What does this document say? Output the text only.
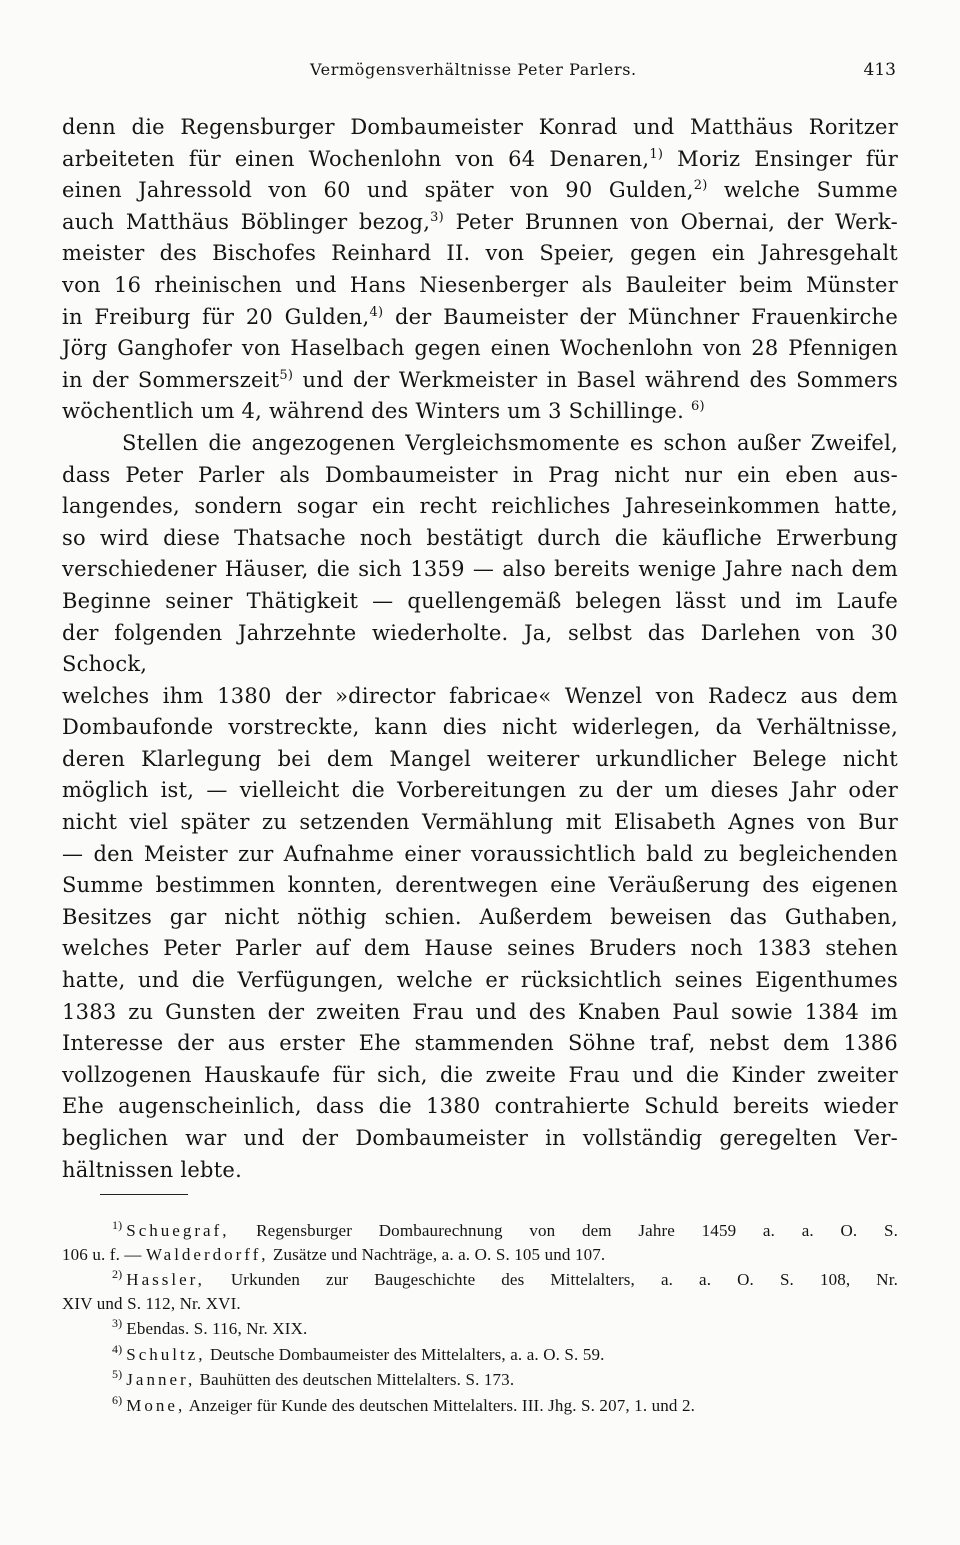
Vermögensverhältnisse Peter Parlers.	413

denn die Regensburger Dombaumeister Konrad und Matthäus Roritzer
arbeiteten für einen Wochenlohn von 64 Denaren,$^{1)}$ Moriz Ensinger für
einen Jahressold von 60 und später von 90 Gulden,$^{2)}$ welche Summe
auch Matthäus Böblinger bezog,$^{3)}$ Peter Brunnen von Obernai, der Werk-
meister des Bischofes Reinhard II. von Speier, gegen ein Jahresgehalt
von 16 rheinischen und Hans Niesenberger als Bauleiter beim Münster
in Freiburg für 20 Gulden,$^{4)}$ der Baumeister der Münchner Frauenkirche
Jörg Ganghofer von Haselbach gegen einen Wochenlohn von 28 Pfennigen
in der Sommerszeit$^{5)}$ und der Werkmeister in Basel während des Sommers
wöchentlich um 4, während des Winters um 3 Schillinge. $^{6)}$

Stellen die angezogenen Vergleichsmomente es schon außer Zweifel,
dass Peter Parler als Dombaumeister in Prag nicht nur ein eben aus-
langendes, sondern sogar ein recht reichliches Jahreseinkommen hatte,
so wird diese Thatsache noch bestätigt durch die käufliche Erwerbung
verschiedener Häuser, die sich 1359 — also bereits wenige Jahre nach dem
Beginne seiner Thätigkeit — quellengemäß belegen lässt und im Laufe
der folgenden Jahrzehnte wiederholte. Ja, selbst das Darlehen von 30 Schock,
welches ihm 1380 der »director fabricae« Wenzel von Radecz aus dem
Dombaufonde vorstreckte, kann dies nicht widerlegen, da Verhältnisse,
deren Klarlegung bei dem Mangel weiterer urkundlicher Belege nicht
möglich ist, — vielleicht die Vorbereitungen zu der um dieses Jahr oder
nicht viel später zu setzenden Vermählung mit Elisabeth Agnes von Bur
— den Meister zur Aufnahme einer voraussichtlich bald zu begleichenden
Summe bestimmen konnten, derentwegen eine Veräußerung des eigenen
Besitzes gar nicht nöthig schien. Außerdem beweisen das Guthaben,
welches Peter Parler auf dem Hause seines Bruders noch 1383 stehen
hatte, und die Verfügungen, welche er rücksichtlich seines Eigenthumes
1383 zu Gunsten der zweiten Frau und des Knaben Paul sowie 1384 im
Interesse der aus erster Ehe stammenden Söhne traf, nebst dem 1386
vollzogenen Hauskaufe für sich, die zweite Frau und die Kinder zweiter
Ehe augenscheinlich, dass die 1380 contrahierte Schuld bereits wieder
beglichen war und der Dombaumeister in vollständig geregelten Ver-
hältnissen lebte.

$^{1)}$ Schuegraf, Regensburger Dombaurechnung von dem Jahre 1459 a. a. O. S.
106 u. f. — Walderdorff, Zusätze und Nachträge, a. a. O. S. 105 und 107.
$^{2)}$ Hassler, Urkunden zur Baugeschichte des Mittelalters, a. a. O. S. 108, Nr.
XIV und S. 112, Nr. XVI.
$^{3)}$ Ebendas. S. 116, Nr. XIX.
$^{4)}$ Schultz, Deutsche Dombaumeister des Mittelalters, a. a. O. S. 59.
$^{5)}$ Janner, Bauhütten des deutschen Mittelalters. S. 173.
$^{6)}$ Mone, Anzeiger für Kunde des deutschen Mittelalters. III. Jhg. S. 207, 1. und 2.
